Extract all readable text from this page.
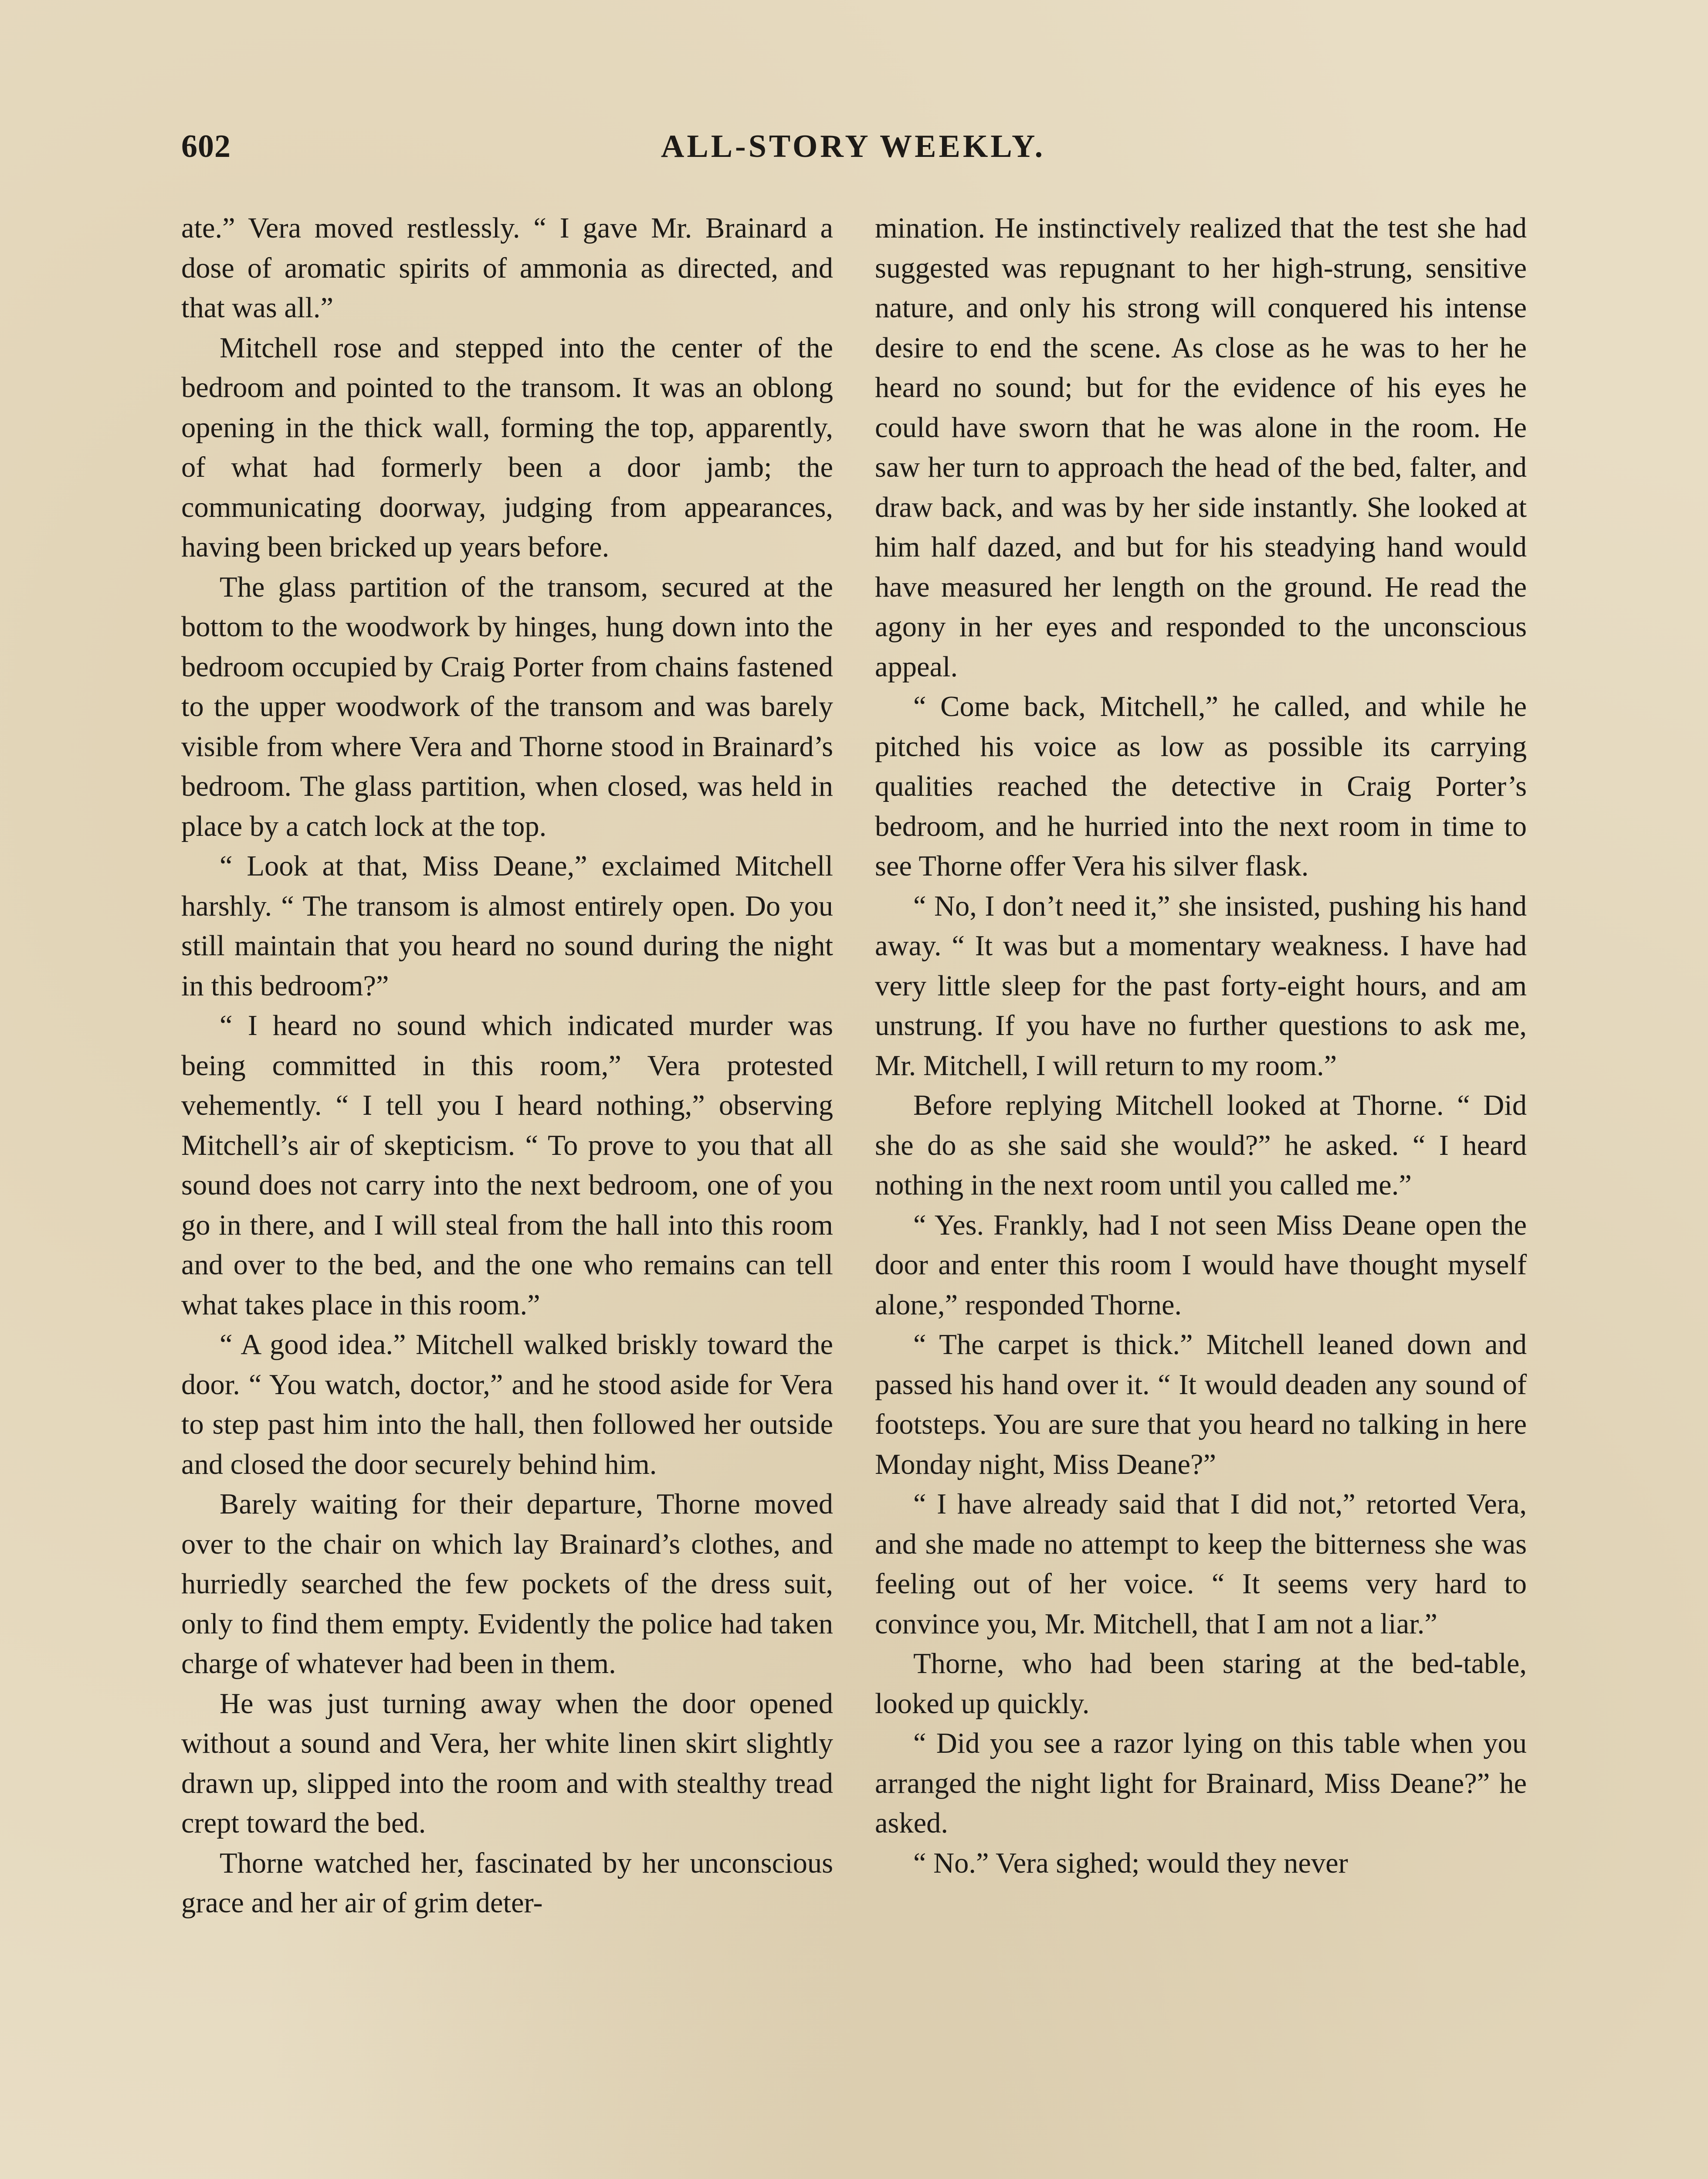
602	ALL-STORY WEEKLY.

ate.” Vera moved restlessly. “ I gave Mr. Brainard a dose of aromatic spirits of ammonia as directed, and that was all.”

Mitchell rose and stepped into the center of the bedroom and pointed to the transom. It was an oblong opening in the thick wall, forming the top, apparently, of what had formerly been a door jamb; the communicating doorway, judging from appearances, having been bricked up years before.

The glass partition of the transom, secured at the bottom to the woodwork by hinges, hung down into the bedroom occupied by Craig Porter from chains fastened to the upper woodwork of the transom and was barely visible from where Vera and Thorne stood in Brainard’s bedroom. The glass partition, when closed, was held in place by a catch lock at the top.

“ Look at that, Miss Deane,” exclaimed Mitchell harshly. “ The transom is almost entirely open. Do you still maintain that you heard no sound during the night in this bedroom?”

“ I heard no sound which indicated murder was being committed in this room,” Vera protested vehemently. “ I tell you I heard nothing,” observing Mitchell’s air of skepticism. “ To prove to you that all sound does not carry into the next bedroom, one of you go in there, and I will steal from the hall into this room and over to the bed, and the one who remains can tell what takes place in this room.”

“ A good idea.” Mitchell walked briskly toward the door. “ You watch, doctor,” and he stood aside for Vera to step past him into the hall, then followed her outside and closed the door securely behind him.

Barely waiting for their departure, Thorne moved over to the chair on which lay Brainard’s clothes, and hurriedly searched the few pockets of the dress suit, only to find them empty. Evidently the police had taken charge of whatever had been in them.

He was just turning away when the door opened without a sound and Vera, her white linen skirt slightly drawn up, slipped into the room and with stealthy tread crept toward the bed.

Thorne watched her, fascinated by her unconscious grace and her air of grim deter-

mination. He instinctively realized that the test she had suggested was repugnant to her high-strung, sensitive nature, and only his strong will conquered his intense desire to end the scene. As close as he was to her he heard no sound; but for the evidence of his eyes he could have sworn that he was alone in the room. He saw her turn to approach the head of the bed, falter, and draw back, and was by her side instantly. She looked at him half dazed, and but for his steadying hand would have measured her length on the ground. He read the agony in her eyes and responded to the unconscious appeal.

“ Come back, Mitchell,” he called, and while he pitched his voice as low as possible its carrying qualities reached the detective in Craig Porter’s bedroom, and he hurried into the next room in time to see Thorne offer Vera his silver flask.

“ No, I don’t need it,” she insisted, pushing his hand away. “ It was but a momentary weakness. I have had very little sleep for the past forty-eight hours, and am unstrung. If you have no further questions to ask me, Mr. Mitchell, I will return to my room.”

Before replying Mitchell looked at Thorne. “ Did she do as she said she would?” he asked. “ I heard nothing in the next room until you called me.”

“ Yes. Frankly, had I not seen Miss Deane open the door and enter this room I would have thought myself alone,” responded Thorne.

“ The carpet is thick.” Mitchell leaned down and passed his hand over it. “ It would deaden any sound of footsteps. You are sure that you heard no talking in here Monday night, Miss Deane?”

“ I have already said that I did not,” retorted Vera, and she made no attempt to keep the bitterness she was feeling out of her voice. “ It seems very hard to convince you, Mr. Mitchell, that I am not a liar.”

Thorne, who had been staring at the bed-table, looked up quickly.

“ Did you see a razor lying on this table when you arranged the night light for Brainard, Miss Deane?” he asked.

“ No.” Vera sighed; would they never
